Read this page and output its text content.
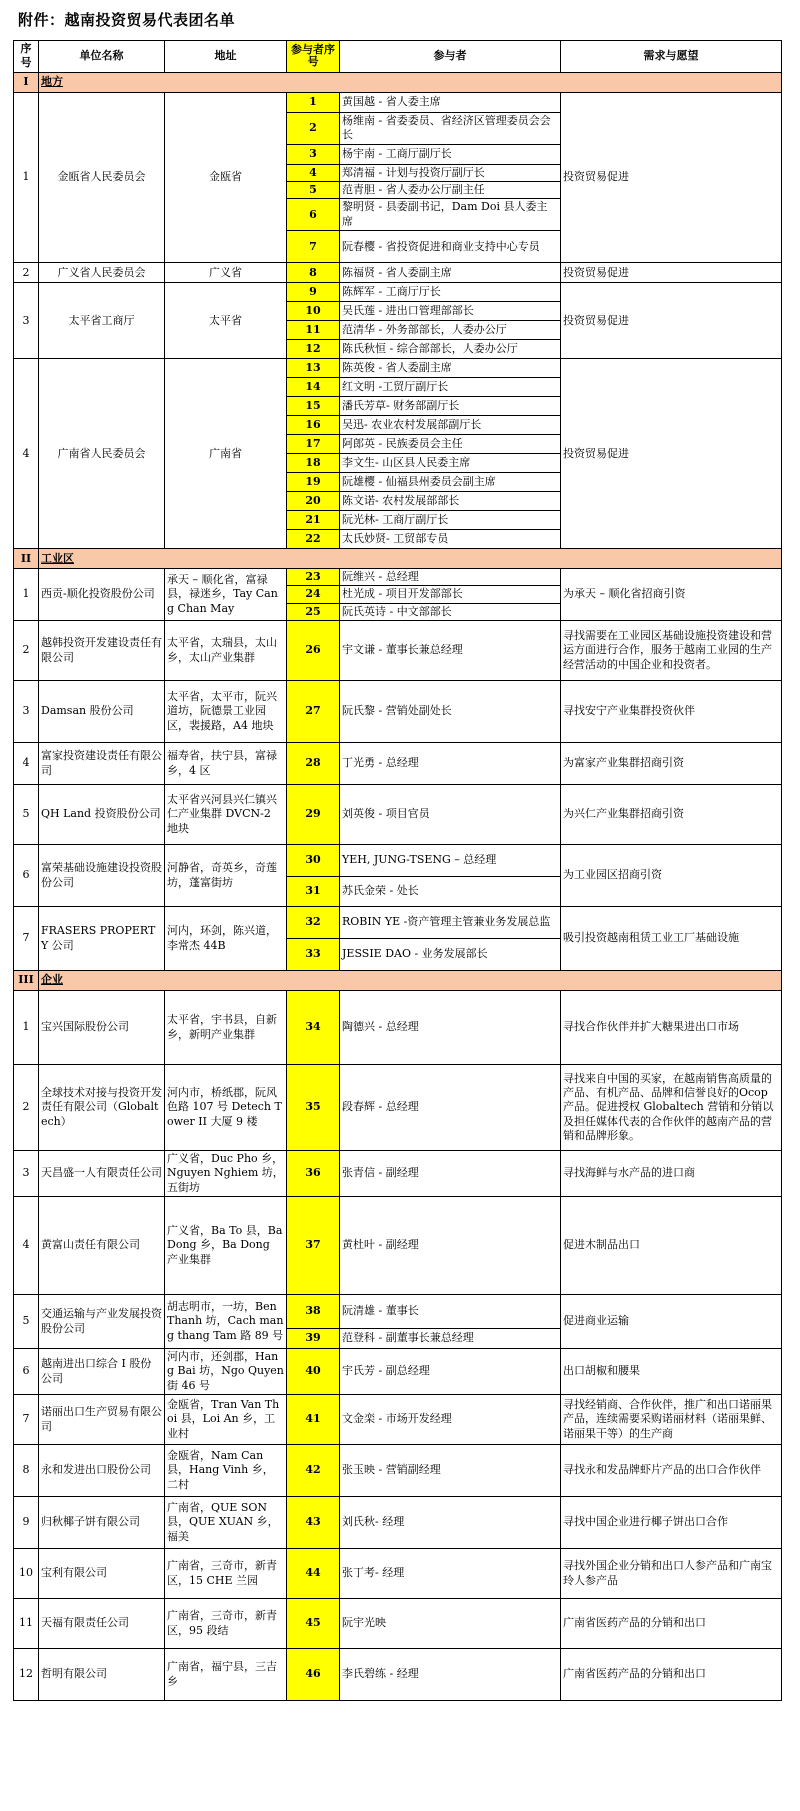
附件：越南投资贸易代表团名单
序号	单位名称	地址	参与者序号	参与者	需求与愿望
I	地方				
1	金瓯省人民委员会	金瓯省	1	黄国越 - 省人委主席	投资贸易促进
			2	杨维南 - 省委委员、省经济区管理委员会会长	
			3	杨宇南 - 工商厅副厅长	
			4	郑清福 - 计划与投资厅副厅长	
			5	范青胆 - 省人委办公厅副主任	
			6	黎明贤 - 县委副书记，Dam Doi 县人委主席	
			7	阮春樱 - 省投资促进和商业支持中心专员	
2	广义省人民委员会	广义省	8	陈福贤 - 省人委副主席	投资贸易促进
3	太平省工商厅	太平省	9	陈辉军 - 工商厅厅长	投资贸易促进
			10	吴氏莲 - 进出口管理部部长	
			11	范清华 - 外务部部长，人委办公厅	
			12	陈氏秋恒 - 综合部部长，人委办公厅	
4	广南省人民委员会	广南省	13	陈英俊 - 省人委副主席	投资贸易促进
			14	红文明 -工贸厅副厅长	
			15	潘氏芳草- 财务部副厅长	
			16	吴迅- 农业农村发展部副厅长	
			17	阿郎英 - 民族委员会主任	
			18	李文生- 山区县人民委主席	
			19	阮雄樱 - 仙福县州委员会副主席	
			20	陈文诺- 农村发展部部长	
			21	阮光林- 工商厅副厅长	
			22	太氏妙贤- 工贸部专员	
II	工业区				
1	西贡-顺化投资股份公司	承天 – 顺化省，富禄县，禄迷乡，Tay Cang Chan May	23	阮维兴 - 总经理	为承天 – 顺化省招商引资
			24	杜光成 - 项目开发部部长	
			25	阮氏英诗 - 中文部部长	
2	越韩投资开发建设责任有限公司	太平省，太瑞县，太山乡，太山产业集群	26	宇文谦 - 董事长兼总经理	寻找需要在工业园区基础设施投资建设和营运方面进行合作，服务于越南工业园的生产经营活动的中国企业和投资者。
3	Damsan 股份公司	太平省，太平市，阮兴道坊，阮德景工业园区，裴援路，A4 地块	27	阮氏黎 - 营销处副处长	寻找安宁产业集群投资伙伴
4	富家投资建设责任有限公司	福寿省，扶宁县，富禄乡，4 区	28	丁光勇 - 总经理	为富家产业集群招商引资
5	QH Land 投资股份公司	太平省兴河县兴仁镇兴仁产业集群 DVCN-2 地块	29	刘英俊 - 项目官员	为兴仁产业集群招商引资
6	富荣基础设施建设投资股份公司	河静省，奇英乡，奇莲坊，蓬富街坊	30	YEH, JUNG-TSENG – 总经理	为工业园区招商引资
			31	苏氏金荣 - 处长	
7	FRASERS PROPERTY 公司	河内，环剑，陈兴道，李常杰 44B	32	ROBIN YE -资产管理主管兼业务发展总监	吸引投资越南租赁工业工厂基础设施
			33	JESSIE DAO - 业务发展部长	
III	企业				
1	宝兴国际股份公司	太平省，宇书县，自新乡，新明产业集群	34	陶德兴 - 总经理	寻找合作伙伴并扩大糖果进出口市场
2	全球技术对接与投资开发责任有限公司（Globaltech）	河内市，桥纸郡，阮风色路 107 号 Detech Tower II 大厦 9 楼	35	段春辉 - 总经理	寻找来自中国的买家，在越南销售高质量的产品、有机产品、品牌和信誉良好的Ocop 产品。促进授权 Globaltech 营销和分销以及担任媒体代表的合作伙伴的越南产品的营销和品牌形象。
3	天昌盛一人有限责任公司	广义省，Duc Pho 乡，Nguyen Nghiem 坊，五街坊	36	张青信 - 副经理	寻找海鲜与水产品的进口商
4	黄富山责任有限公司	广义省，Ba To 县，Ba Dong 乡，Ba Dong 产业集群	37	黄杜叶 - 副经理	促进木制品出口
5	交通运输与产业发展投资股份公司	胡志明市，一坊，Ben Thanh 坊，Cach mang thang Tam 路 89 号	38	阮清雄 - 董事长	促进商业运输
			39	范登科 - 副董事长兼总经理	
6	越南进出口综合 I 股份公司	河内市，还剑郡，Hang Bai 坊，Ngo Quyen 街 46 号	40	宇氏芳 - 副总经理	出口胡椒和腰果
7	诺丽出口生产贸易有限公司	金瓯省，Tran Van Thoi 县，Loi An 乡，工业村	41	文金栾 - 市场开发经理	寻找经销商、合作伙伴，推广和出口诺丽果产品，连续需要采购诺丽材料（诺丽果鲜、诺丽果干等）的生产商
8	永和发进出口股份公司	金瓯省，Nam Can 县，Hang Vinh 乡，二村	42	张玉映 - 营销副经理	寻找永和发品牌虾片产品的出口合作伙伴
9	归秋椰子饼有限公司	广南省，QUE SON 县，QUE XUAN 乡，福美	43	刘氏秋- 经理	寻找中国企业进行椰子饼出口合作
10	宝利有限公司	广南省，三奇市，新青区，15 CHE 兰园	44	张丁考- 经理	寻找外国企业分销和出口人参产品和广南宝玲人参产品
11	天福有限责任公司	广南省，三奇市，新青区，95 段结	45	阮宇光映	广南省医药产品的分销和出口
12	哲明有限公司	广南省，福宁县，三吉乡	46	李氏碧练 - 经理	广南省医药产品的分销和出口
